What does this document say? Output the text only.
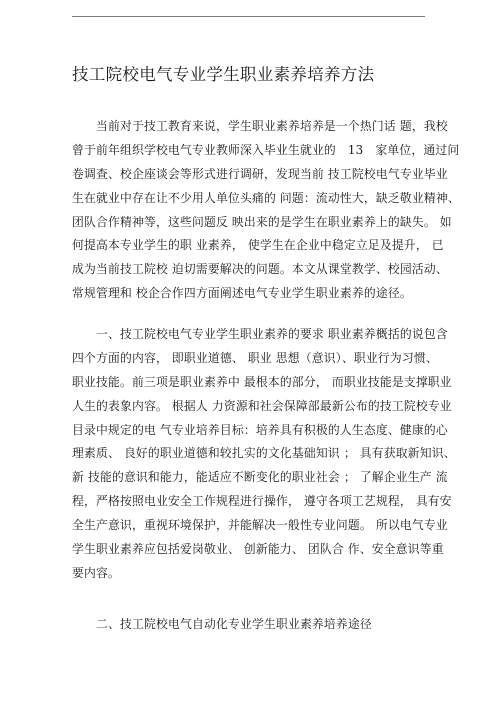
技工院校电气专业学生职业素养培养方法
　　当前对于技工教育来说，学生职业素养培养是一个热门话 题，我校
曾于前年组织学校电气专业教师深入毕业生就业的　13　家单位，通过问
卷调查、校企座谈会等形式进行调研，发现当前 技工院校电气专业毕业
生在就业中存在让不少用人单位头痛的 问题：流动性大，缺乏敬业精神、
团队合作精神等，这些问题反 映出来的是学生在职业素养上的缺失。 如
何提高本专业学生的职 业素养， 使学生在企业中稳定立足及提升， 已
成为当前技工院校 迫切需要解决的问题。本文从课堂教学、校园活动、
常规管理和 校企合作四方面阐述电气专业学生职业素养的途径。
　　一、技工院校电气专业学生职业素养的要求 职业素养概括的说包含
四个方面的内容， 即职业道德、 职业 思想（意识）、职业行为习惯、
职业技能。前三项是职业素养中 最根本的部分， 而职业技能是支撑职业
人生的表象内容。 根据人 力资源和社会保障部最新公布的技工院校专业
目录中规定的电 气专业培养目标：培养具有积极的人生态度、健康的心
理素质、 良好的职业道德和较扎实的文化基础知识 ； 具有获取新知识、
新 技能的意识和能力，能适应不断变化的职业社会 ； 了解企业生产 流
程，严格按照电业安全工作规程进行操作， 遵守各项工艺规程， 具有安
全生产意识，重视环境保护，并能解决一般性专业问题。 所以电气专业
学生职业素养应包括爱岗敬业、 创新能力、 团队合 作、安全意识等重
要内容。
　　二、技工院校电气自动化专业学生职业素养培养途径
